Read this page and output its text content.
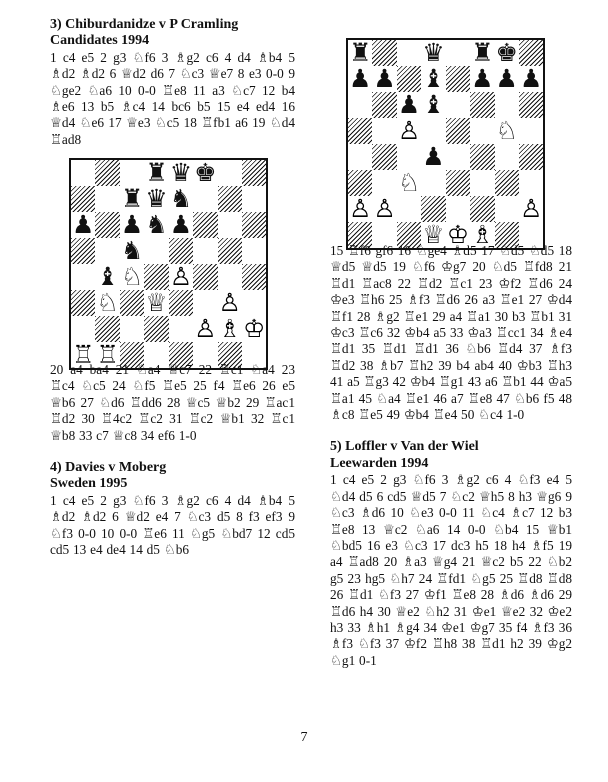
3) Chiburdanidze v P Cramling

Candidates 1994

1 c4 e5 2 g3 ♘f6 3 ♗g2 c6 4 d4 ♗b4 5 ♗d2 ♗d2 6 ♕d2 d6 7 ♘c3 ♕e7 8 e3 0-0 9 ♘ge2 ♘a6 10 0-0 ♖e8 11 a3 ♘c7 12 b4 ♗e6 13 b5 ♗c4 14 bc6 b5 15 e4 ed4 16 ♕d4 ♘e6 17 ♕e3 ♘c5 18 ♖fb1 a6 19 ♘d4 ♖ad8

			♜	♛	♚		
		♜	♛	♞			
♟		♟	♞	♟			
		♞					
	♝	♘		♙			
	♘		♕			♙	
					♙	♗	♔
♖	♖						

20 a4 ba4 21 ♘a4 ♕c7 22 ♖c1 ♘a4 23 ♖c4 ♘c5 24 ♘f5 ♖e5 25 f4 ♖e6 26 e5 ♕b6 27 ♘d6 ♖dd6 28 ♕c5 ♕b2 29 ♖ac1 ♖d2 30 ♖4c2 ♖c2 31 ♖c2 ♕b1 32 ♖c1 ♕b8 33 c7 ♕c8 34 ef6 1-0

4) Davies v Moberg

Sweden 1995

1 c4 e5 2 g3 ♘f6 3 ♗g2 c6 4 d4 ♗b4 5 ♗d2 ♗d2 6 ♕d2 e4 7 ♘c3 d5 8 f3 ef3 9 ♘f3 0-0 10 0-0 ♖e6 11 ♘g5 ♘bd7 12 cd5 cd5 13 e4 de4 14 d5 ♘b6

♜			♛		♜	♚	
♟	♟		♝		♟	♟	♟
		♟	♝				
		♙				♘	
			♟				
		♘					
♙	♙						♙
			♕	♔	♗		

15 ♖f6 gf6 16 ♘ge4 ♗d5 17 ♘d5 ♘d5 18 ♕d5 ♕d5 19 ♘f6 ♔g7 20 ♘d5 ♖fd8 21 ♖d1 ♖ac8 22 ♖d2 ♖c1 23 ♔f2 ♖d6 24 ♔e3 ♖h6 25 ♗f3 ♖d6 26 a3 ♖e1 27 ♔d4 ♖f1 28 ♗g2 ♖e1 29 a4 ♖a1 30 b3 ♖b1 31 ♔c3 ♖c6 32 ♔b4 a5 33 ♔a3 ♖cc1 34 ♗e4 ♖d1 35 ♖d1 ♖d1 36 ♘b6 ♖d4 37 ♗f3 ♖d2 38 ♗b7 ♖h2 39 b4 ab4 40 ♔b3 ♖h3 41 a5 ♖g3 42 ♔b4 ♖g1 43 a6 ♖b1 44 ♔a5 ♖a1 45 ♘a4 ♖e1 46 a7 ♖e8 47 ♘b6 f5 48 ♗c8 ♖e5 49 ♔b4 ♖e4 50 ♘c4 1-0

5) Loffler v Van der Wiel

Leewarden 1994

1 c4 e5 2 g3 ♘f6 3 ♗g2 c6 4 ♘f3 e4 5 ♘d4 d5 6 cd5 ♕d5 7 ♘c2 ♕h5 8 h3 ♕g6 9 ♘c3 ♗d6 10 ♘e3 0-0 11 ♘c4 ♗c7 12 b3 ♖e8 13 ♕c2 ♘a6 14 0-0 ♘b4 15 ♕b1 ♘bd5 16 e3 ♘c3 17 dc3 h5 18 h4 ♗f5 19 a4 ♖ad8 20 ♗a3 ♕g4 21 ♕c2 b5 22 ♘b2 g5 23 hg5 ♘h7 24 ♖fd1 ♘g5 25 ♖d8 ♖d8 26 ♖d1 ♘f3 27 ♔f1 ♖e8 28 ♗d6 ♗d6 29 ♖d6 h4 30 ♕e2 ♘h2 31 ♔e1 ♕e2 32 ♔e2 h3 33 ♗h1 ♗g4 34 ♔e1 ♔g7 35 f4 ♗f3 36 ♗f3 ♘f3 37 ♔f2 ♖h8 38 ♖d1 h2 39 ♔g2 ♘g1 0-1

7
